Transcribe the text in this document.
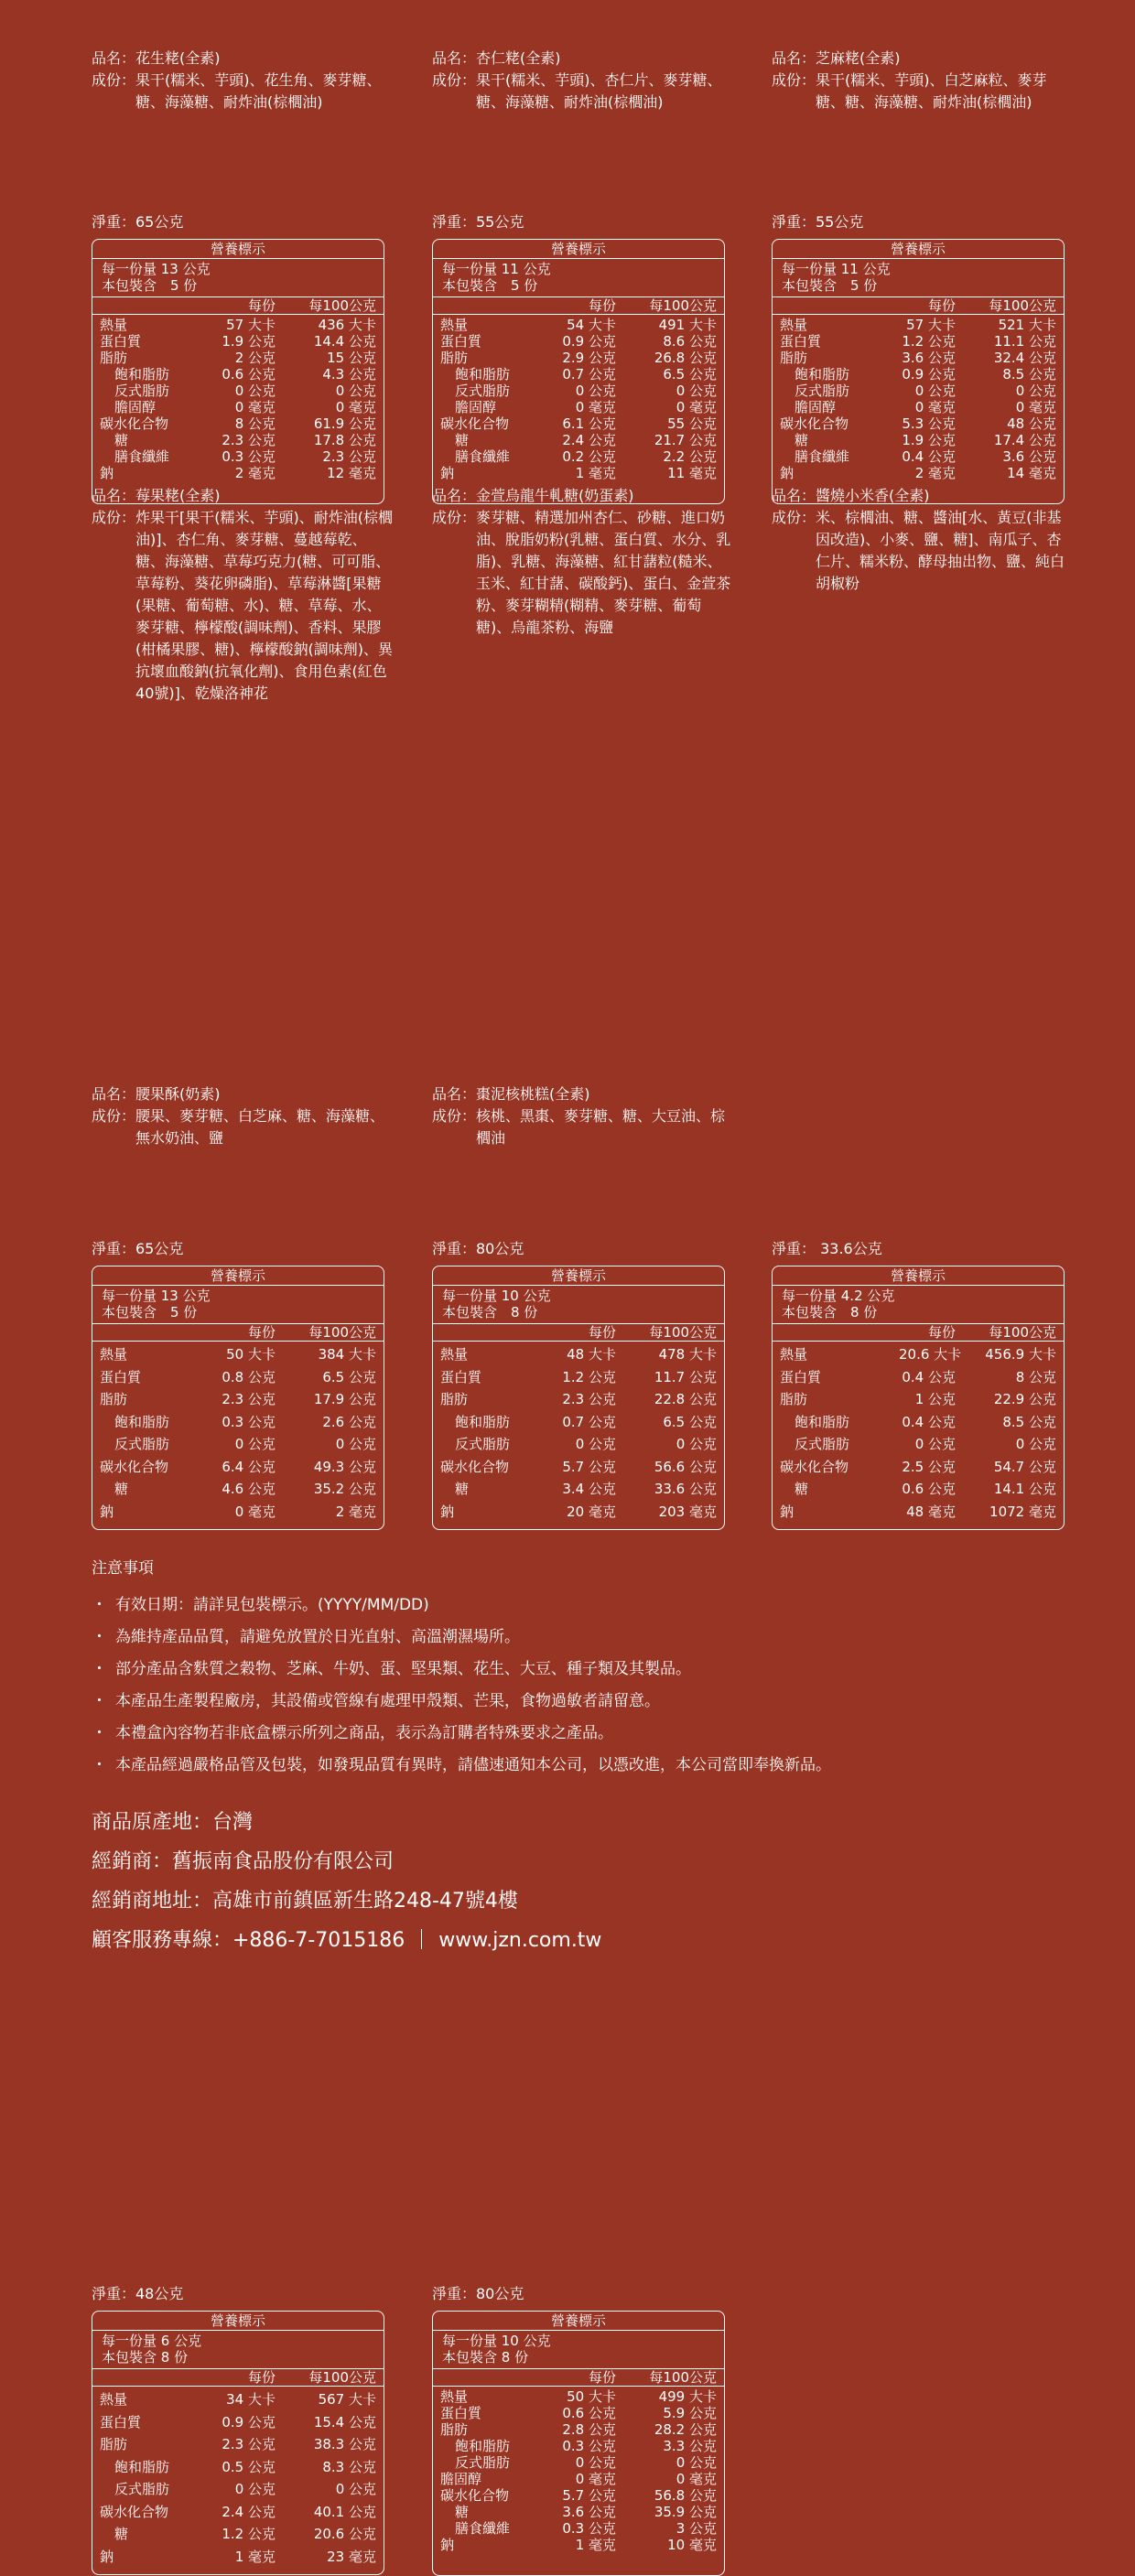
品名：花生粩(全素)
成份： 果干(糯米、芋頭)、花生角、麥芽糖、糖、海藻糖、耐炸油(棕櫚油)
淨重：65公克
營養標示
每一份量 13 公克
本包裝含　5 份
每份	每100公克
熱量	57 大卡	436 大卡
蛋白質	1.9 公克	14.4 公克
脂肪	2 公克	15 公克
飽和脂肪	0.6 公克	4.3 公克
反式脂肪	0 公克	0 公克
膽固醇	0 毫克	0 毫克
碳水化合物	8 公克	61.9 公克
糖	2.3 公克	17.8 公克
膳食纖維	0.3 公克	2.3 公克
鈉	2 毫克	12 毫克
品名：杏仁粩(全素)
成份： 果干(糯米、芋頭)、杏仁片、麥芽糖、糖、海藻糖、耐炸油(棕櫚油)
淨重：55公克
營養標示
每一份量 11 公克
本包裝含　5 份
每份	每100公克
熱量	54 大卡	491 大卡
蛋白質	0.9 公克	8.6 公克
脂肪	2.9 公克	26.8 公克
飽和脂肪	0.7 公克	6.5 公克
反式脂肪	0 公克	0 公克
膽固醇	0 毫克	0 毫克
碳水化合物	6.1 公克	55 公克
糖	2.4 公克	21.7 公克
膳食纖維	0.2 公克	2.2 公克
鈉	1 毫克	11 毫克
品名：芝麻粩(全素)
成份： 果干(糯米、芋頭)、白芝麻粒、麥芽糖、糖、海藻糖、耐炸油(棕櫚油)
淨重：55公克
營養標示
每一份量 11 公克
本包裝含　5 份
每份	每100公克
熱量	57 大卡	521 大卡
蛋白質	1.2 公克	11.1 公克
脂肪	3.6 公克	32.4 公克
飽和脂肪	0.9 公克	8.5 公克
反式脂肪	0 公克	0 公克
膽固醇	0 毫克	0 毫克
碳水化合物	5.3 公克	48 公克
糖	1.9 公克	17.4 公克
膳食纖維	0.4 公克	3.6 公克
鈉	2 毫克	14 毫克
品名：莓果粩(全素)
成份： 炸果干[果干(糯米、芋頭)、耐炸油(棕櫚油)]、杏仁角、麥芽糖、蔓越莓乾、糖、海藻糖、草莓巧克力(糖、可可脂、草莓粉、葵花卵磷脂)、草莓淋醬[果糖(果糖、葡萄糖、水)、糖、草莓、水、麥芽糖、檸檬酸(調味劑)、香料、果膠(柑橘果膠、糖)、檸檬酸鈉(調味劑)、異抗壞血酸鈉(抗氧化劑)、食用色素(紅色40號)]、乾燥洛神花
淨重：65公克
營養標示
每一份量 13 公克
本包裝含　5 份
每份	每100公克
熱量	50 大卡	384 大卡
蛋白質	0.8 公克	6.5 公克
脂肪	2.3 公克	17.9 公克
飽和脂肪	0.3 公克	2.6 公克
反式脂肪	0 公克	0 公克
碳水化合物	6.4 公克	49.3 公克
糖	4.6 公克	35.2 公克
鈉	0 毫克	2 毫克
品名：金萱烏龍牛軋糖(奶蛋素)
成份： 麥芽糖、精選加州杏仁、砂糖、進口奶油、脫脂奶粉(乳糖、蛋白質、水分、乳脂)、乳糖、海藻糖、紅甘藷粒(糙米、玉米、紅甘藷、碳酸鈣)、蛋白、金萱茶粉、麥芽糊精(糊精、麥芽糖、葡萄糖)、烏龍茶粉、海鹽
淨重：80公克
營養標示
每一份量 10 公克
本包裝含　8 份
每份	每100公克
熱量	48 大卡	478 大卡
蛋白質	1.2 公克	11.7 公克
脂肪	2.3 公克	22.8 公克
飽和脂肪	0.7 公克	6.5 公克
反式脂肪	0 公克	0 公克
碳水化合物	5.7 公克	56.6 公克
糖	3.4 公克	33.6 公克
鈉	20 毫克	203 毫克
品名：醬燒小米香(全素)
成份： 米、棕櫚油、糖、醬油[水、黃豆(非基因改造)、小麥、鹽、糖]、南瓜子、杏仁片、糯米粉、酵母抽出物、鹽、純白胡椒粉
淨重： 33.6公克
營養標示
每一份量 4.2 公克
本包裝含　8 份
每份	每100公克
熱量	20.6 大卡	456.9 大卡
蛋白質	0.4 公克	8 公克
脂肪	1 公克	22.9 公克
飽和脂肪	0.4 公克	8.5 公克
反式脂肪	0 公克	0 公克
碳水化合物	2.5 公克	54.7 公克
糖	0.6 公克	14.1 公克
鈉	48 毫克	1072 毫克
品名：腰果酥(奶素)
成份： 腰果、麥芽糖、白芝麻、糖、海藻糖、無水奶油、鹽
淨重：48公克
營養標示
每一份量 6 公克
本包裝含 8 份
每份	每100公克
熱量	34 大卡	567 大卡
蛋白質	0.9 公克	15.4 公克
脂肪	2.3 公克	38.3 公克
飽和脂肪	0.5 公克	8.3 公克
反式脂肪	0 公克	0 公克
碳水化合物	2.4 公克	40.1 公克
糖	1.2 公克	20.6 公克
鈉	1 毫克	23 毫克
品名：棗泥核桃糕(全素)
成份： 核桃、黑棗、麥芽糖、糖、大豆油、棕櫚油
淨重：80公克
營養標示
每一份量 10 公克
本包裝含 8 份
每份	每100公克
熱量	50 大卡	499 大卡
蛋白質	0.6 公克	5.9 公克
脂肪	2.8 公克	28.2 公克
飽和脂肪	0.3 公克	3.3 公克
反式脂肪	0 公克	0 公克
膽固醇	0 毫克	0 毫克
碳水化合物	5.7 公克	56.8 公克
糖	3.6 公克	35.9 公克
膳食纖維	0.3 公克	3 公克
鈉	1 毫克	10 毫克
注意事項
・ 有效日期：請詳見包裝標示。(YYYY/MM/DD)
・ 為維持產品品質，請避免放置於日光直射、高溫潮濕場所。
・ 部分產品含麩質之穀物、芝麻、牛奶、蛋、堅果類、花生、大豆、種子類及其製品。
・ 本產品生產製程廠房，其設備或管線有處理甲殼類、芒果，食物過敏者請留意。
・ 本禮盒內容物若非底盒標示所列之商品，表示為訂購者特殊要求之產品。
・ 本產品經過嚴格品管及包裝，如發現品質有異時，請儘速通知本公司，以憑改進，本公司當即奉換新品。
商品原產地：台灣
經銷商：舊振南食品股份有限公司
經銷商地址：高雄市前鎮區新生路248-47號4樓
顧客服務專線：+886-7-7015186 www.jzn.com.tw
